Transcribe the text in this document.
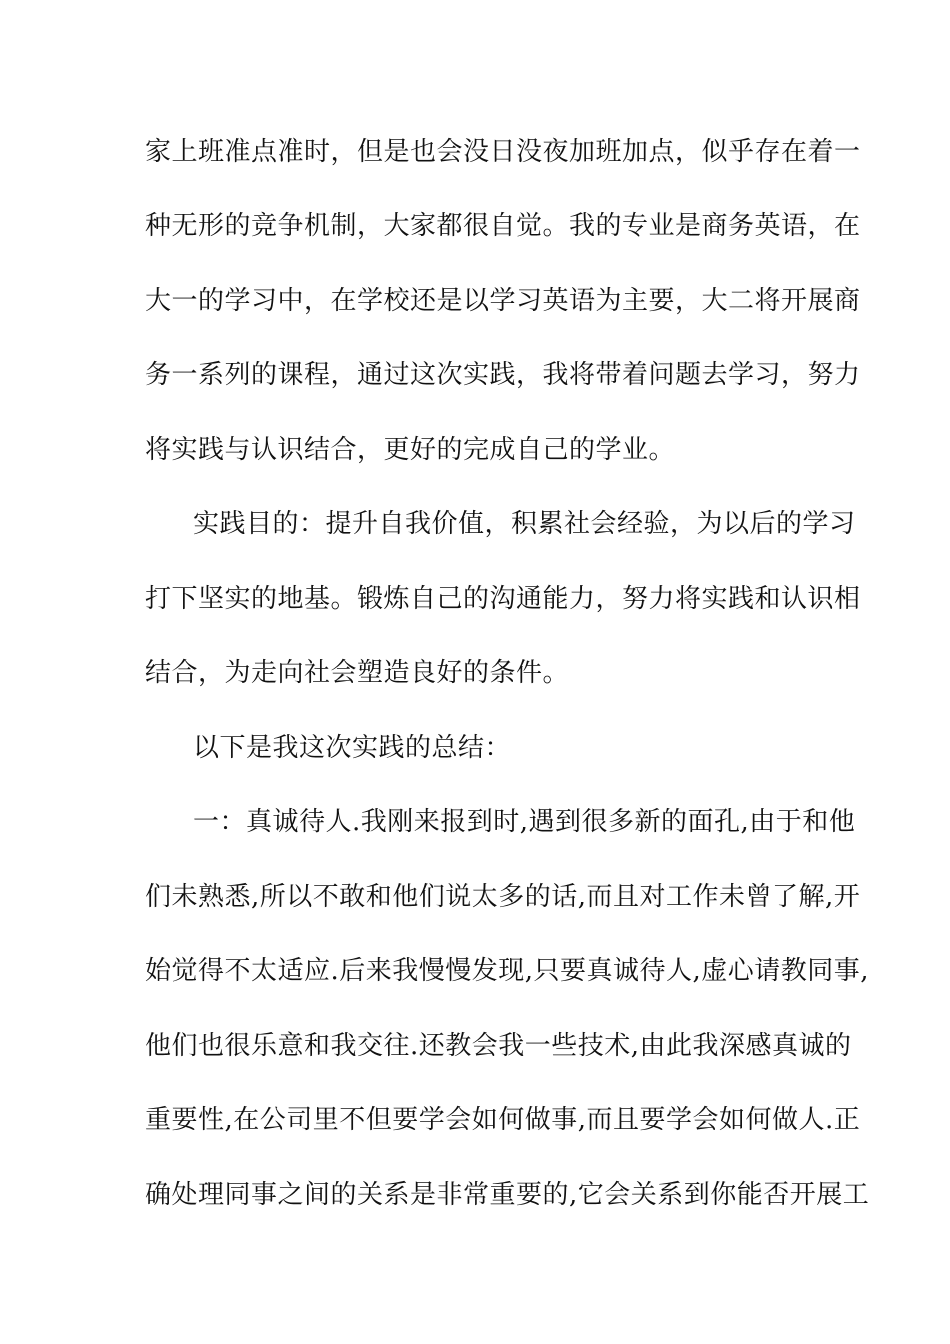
家上班准点准时，但是也会没日没夜加班加点，似乎存在着一
种无形的竞争机制，大家都很自觉。我的专业是商务英语，在
大一的学习中，在学校还是以学习英语为主要，大二将开展商
务一系列的课程，通过这次实践，我将带着问题去学习，努力
将实践与认识结合，更好的完成自己的学业。
实践目的：提升自我价值，积累社会经验，为以后的学习
打下坚实的地基。锻炼自己的沟通能力，努力将实践和认识相
结合，为走向社会塑造良好的条件。
以下是我这次实践的总结：
一：真诚待人.我刚来报到时,遇到很多新的面孔,由于和他
们未熟悉,所以不敢和他们说太多的话,而且对工作未曾了解,开
始觉得不太适应.后来我慢慢发现,只要真诚待人,虚心请教同事,
他们也很乐意和我交往.还教会我一些技术,由此我深感真诚的
重要性,在公司里不但要学会如何做事,而且要学会如何做人.正
确处理同事之间的关系是非常重要的,它会关系到你能否开展工
